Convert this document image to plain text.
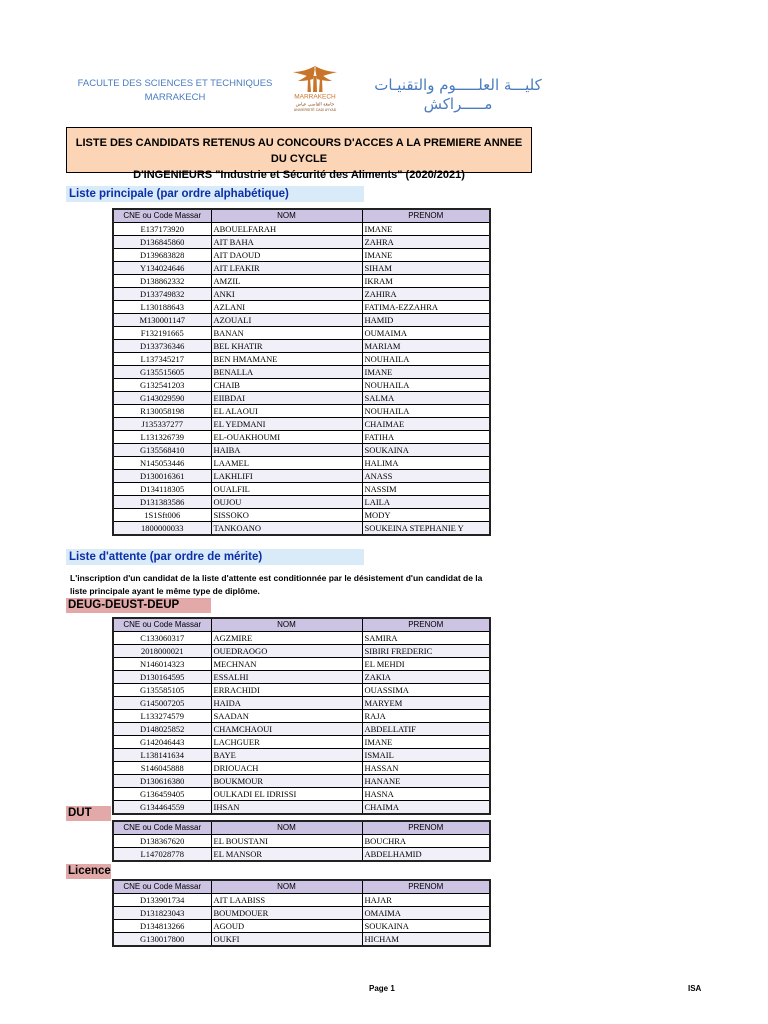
FACULTE DES SCIENCES ET TECHNIQUES
MARRAKECH	MARRAKECH
جامعة القاضي عياض
UNIVERSITÉ CADI AYYAD
كليـــة العلـــــوم والتقنيـات
مـــــراكش
LISTE DES CANDIDATS RETENUS AU CONCOURS D'ACCES A LA PREMIERE ANNEE DU CYCLE
D'INGENIEURS "Industrie et Sécurité des Aliments" (2020/2021)
Liste principale (par ordre alphabétique)
CNE ou Code Massar	NOM	PRENOM
E137173920	ABOUELFARAH	IMANE
D136845860	AIT BAHA	ZAHRA
D139683828	AIT DAOUD	IMANE
Y134024646	AIT LFAKIR	SIHAM
D138862332	AMZIL	IKRAM
D133749832	ANKI	ZAHIRA
L130188643	AZLANI	FATIMA-EZZAHRA
M130001147	AZOUALI	HAMID
F132191665	BANAN	OUMAIMA
D133736346	BEL KHATIR	MARIAM
L137345217	BEN HMAMANE	NOUHAILA
G135515605	BENALLA	IMANE
G132541203	CHAIB	NOUHAILA
G143029590	EIIBDAI	SALMA
R130058198	EL ALAOUI	NOUHAILA
J135337277	EL YEDMANI	CHAIMAE
L131326739	EL-OUAKHOUMI	FATIHA
G135568410	HAIBA	SOUKAINA
N145053446	LAAMEL	HALIMA
D130016361	LAKHLIFI	ANASS
D134118305	OUALFIL	NASSIM
D131383586	OUJOU	LAILA
1S1Sft006	SISSOKO	MODY
1800000033	TANKOANO	SOUKEINA STEPHANIE Y
Liste d'attente (par ordre de mérite)
L'inscription d'un candidat de la liste d'attente est conditionnée par le désistement d'un candidat de la
liste principale ayant le même type de diplôme.
DEUG-DEUST-DEUP
CNE ou Code Massar	NOM	PRENOM
C133060317	AGZMIRE	SAMIRA
2018000021	OUEDRAOGO	SIBIRI FREDERIC
N146014323	MECHNAN	EL MEHDI
D130164595	ESSALHI	ZAKIA
G135585105	ERRACHIDI	OUASSIMA
G145007205	HAIDA	MARYEM
L133274579	SAADAN	RAJA
D148025852	CHAMCHAOUI	ABDELLATIF
G142046443	LACHGUER	IMANE
L138141634	BAYE	ISMAIL
S146045888	DRIOUACH	HASSAN
D130616380	BOUKMOUR	HANANE
G136459405	OULKADI EL IDRISSI	HASNA
G134464559	IHSAN	CHAIMA
DUT
CNE ou Code Massar	NOM	PRENOM
D138367620	EL BOUSTANI	BOUCHRA
L147028778	EL MANSOR	ABDELHAMID
Licence
CNE ou Code Massar	NOM	PRENOM
D133901734	AIT LAABISS	HAJAR
D131823043	BOUMDOUER	OMAIMA
D134813266	AGOUD	SOUKAINA
G130017800	OUKFI	HICHAM
Page 1	ISA
